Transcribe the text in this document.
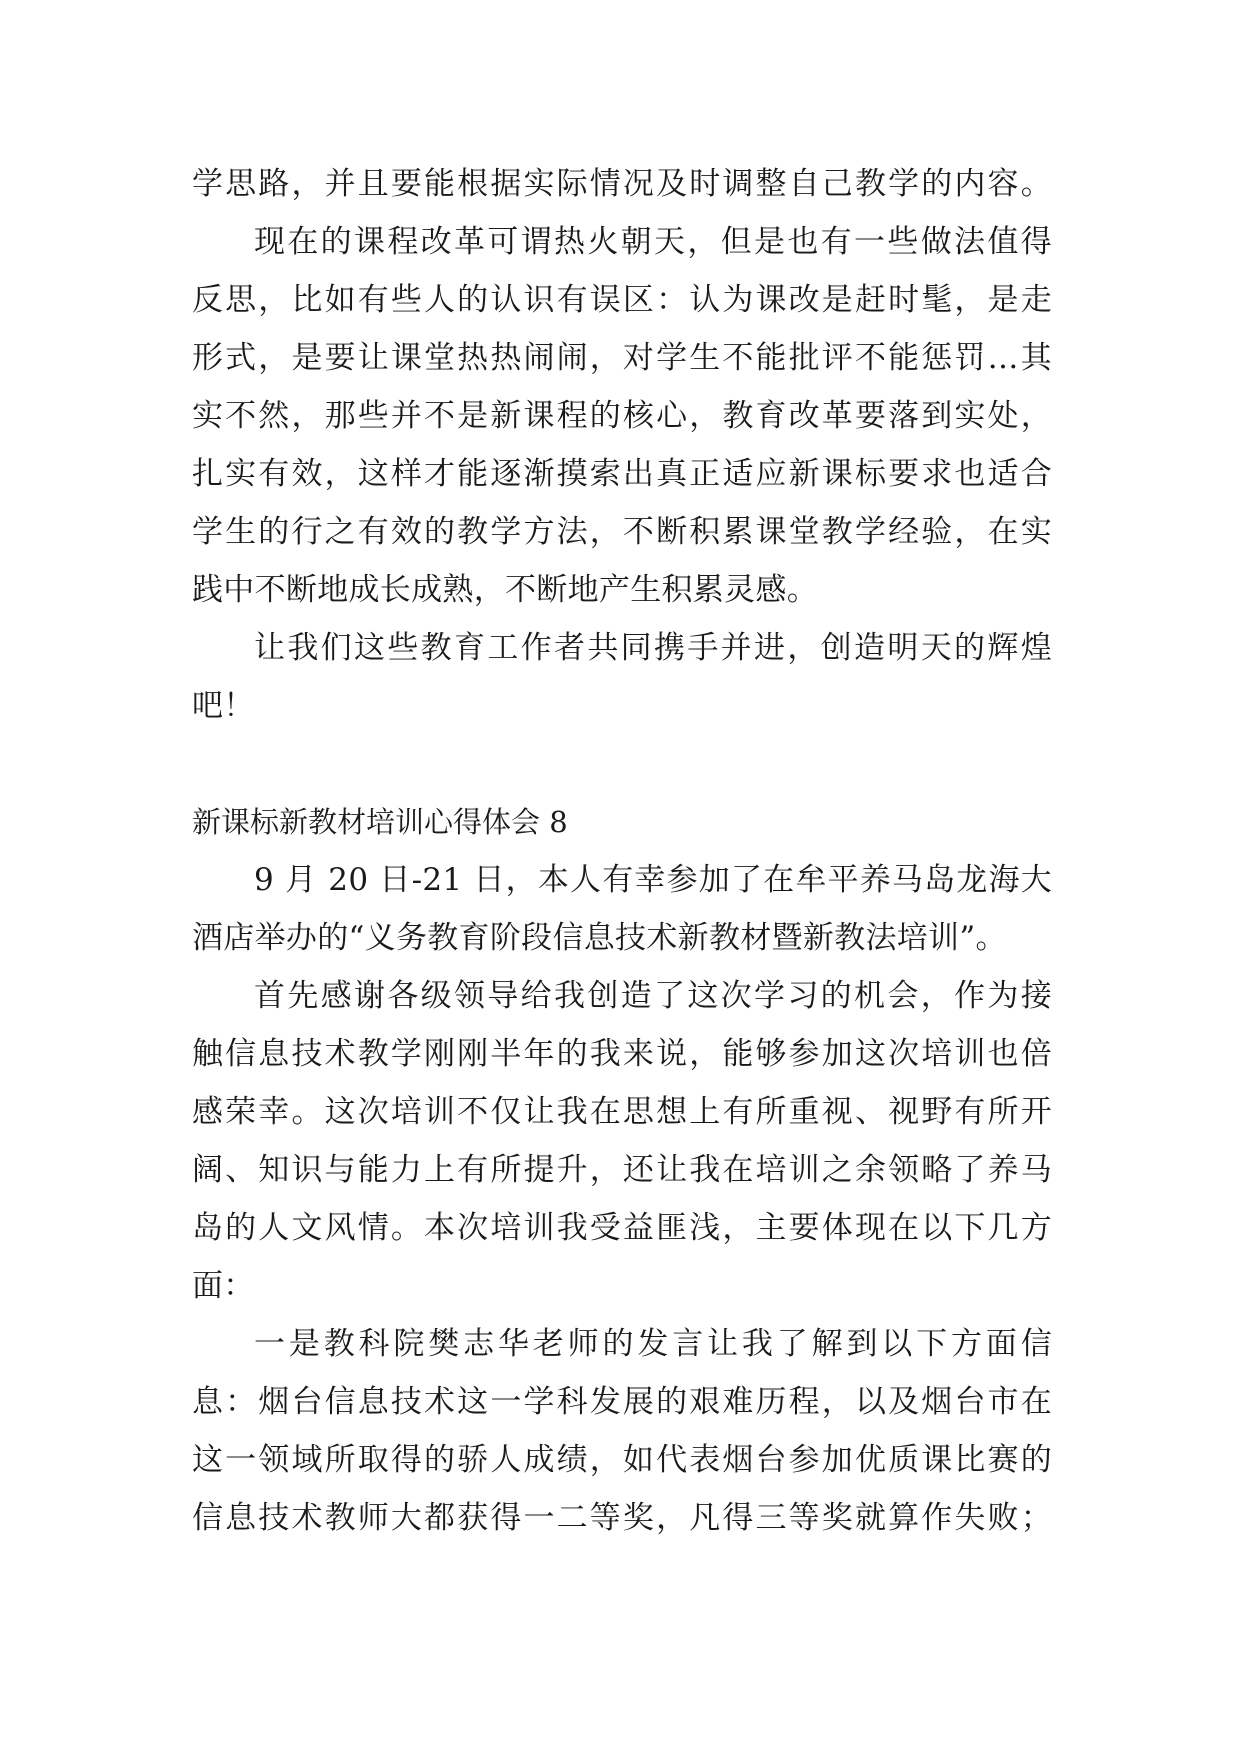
学思路，并且要能根据实际情况及时调整自己教学的内容。
现在的课程改革可谓热火朝天，但是也有一些做法值得
反思，比如有些人的认识有误区：认为课改是赶时髦，是走
形式，是要让课堂热热闹闹，对学生不能批评不能惩罚…其
实不然，那些并不是新课程的核心，教育改革要落到实处，
扎实有效，这样才能逐渐摸索出真正适应新课标要求也适合
学生的行之有效的教学方法，不断积累课堂教学经验，在实
践中不断地成长成熟，不断地产生积累灵感。
让我们这些教育工作者共同携手并进，创造明天的辉煌
吧！
新课标新教材培训心得体会 8
9 月 20 日-21 日，本人有幸参加了在牟平养马岛龙海大
酒店举办的“义务教育阶段信息技术新教材暨新教法培训”。
首先感谢各级领导给我创造了这次学习的机会，作为接
触信息技术教学刚刚半年的我来说，能够参加这次培训也倍
感荣幸。这次培训不仅让我在思想上有所重视、视野有所开
阔、知识与能力上有所提升，还让我在培训之余领略了养马
岛的人文风情。本次培训我受益匪浅，主要体现在以下几方
面：
一是教科院樊志华老师的发言让我了解到以下方面信
息：烟台信息技术这一学科发展的艰难历程，以及烟台市在
这一领域所取得的骄人成绩，如代表烟台参加优质课比赛的
信息技术教师大都获得一二等奖，凡得三等奖就算作失败；
